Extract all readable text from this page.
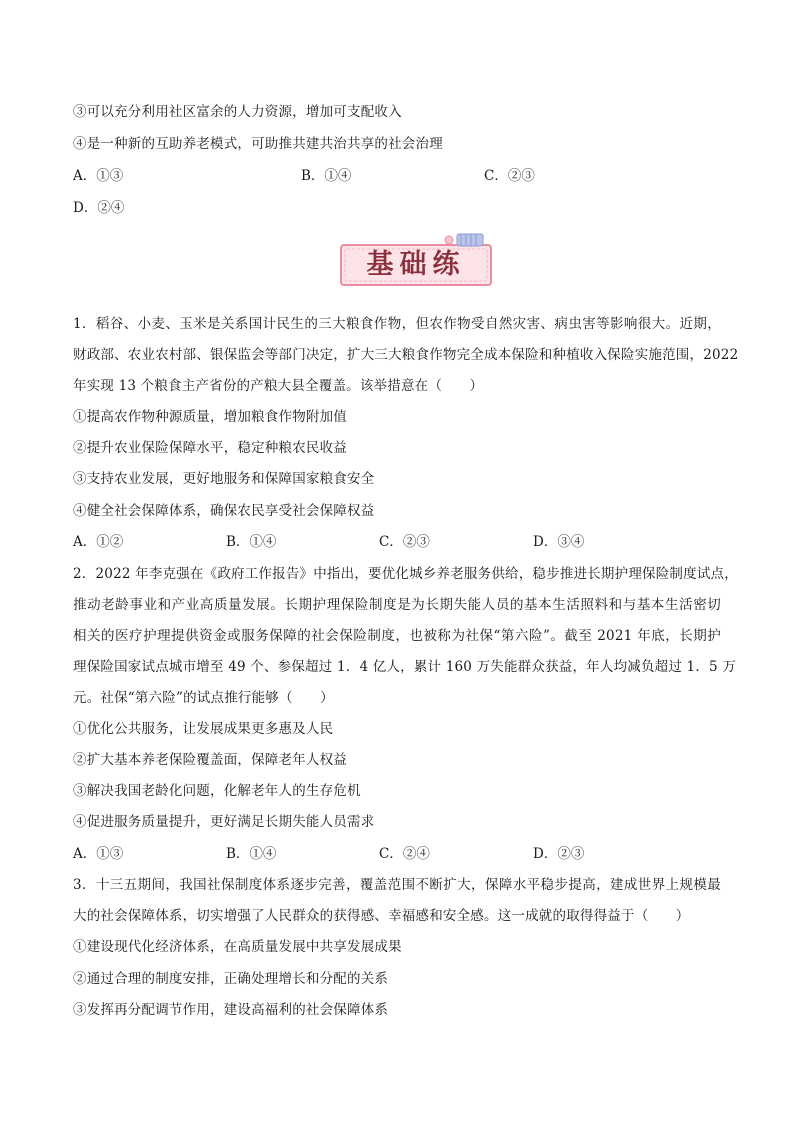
③可以充分利用社区富余的人力资源，增加可支配收入
④是一种新的互助养老模式，可助推共建共治共享的社会治理
A．①③	B．①④	C．②③
D．②④
基础练
1．稻谷、小麦、玉米是关系国计民生的三大粮食作物，但农作物受自然灾害、病虫害等影响很大。近期，
财政部、农业农村部、银保监会等部门决定，扩大三大粮食作物完全成本保险和种植收入保险实施范围，2022
年实现 13 个粮食主产省份的产粮大县全覆盖。该举措意在（　　）
①提高农作物种源质量，增加粮食作物附加值
②提升农业保险保障水平，稳定种粮农民收益
③支持农业发展，更好地服务和保障国家粮食安全
④健全社会保障体系，确保农民享受社会保障权益
A．①②	B．①④	C．②③	D．③④
2．2022 年李克强在《政府工作报告》中指出，要优化城乡养老服务供给，稳步推进长期护理保险制度试点，
推动老龄事业和产业高质量发展。长期护理保险制度是为长期失能人员的基本生活照料和与基本生活密切
相关的医疗护理提供资金或服务保障的社会保险制度，也被称为社保“第六险”。截至 2021 年底，长期护
理保险国家试点城市增至 49 个、参保超过 1．4 亿人，累计 160 万失能群众获益，年人均减负超过 1．5 万
元。社保“第六险”的试点推行能够（　　）
①优化公共服务，让发展成果更多惠及人民
②扩大基本养老保险覆盖面，保障老年人权益
③解决我国老龄化问题，化解老年人的生存危机
④促进服务质量提升，更好满足长期失能人员需求
A．①③	B．①④	C．②④	D．②③
3．十三五期间，我国社保制度体系逐步完善，覆盖范围不断扩大，保障水平稳步提高，建成世界上规模最
大的社会保障体系，切实增强了人民群众的获得感、幸福感和安全感。这一成就的取得得益于（　　）
①建设现代化经济体系，在高质量发展中共享发展成果
②通过合理的制度安排，正确处理增长和分配的关系
③发挥再分配调节作用，建设高福利的社会保障体系
